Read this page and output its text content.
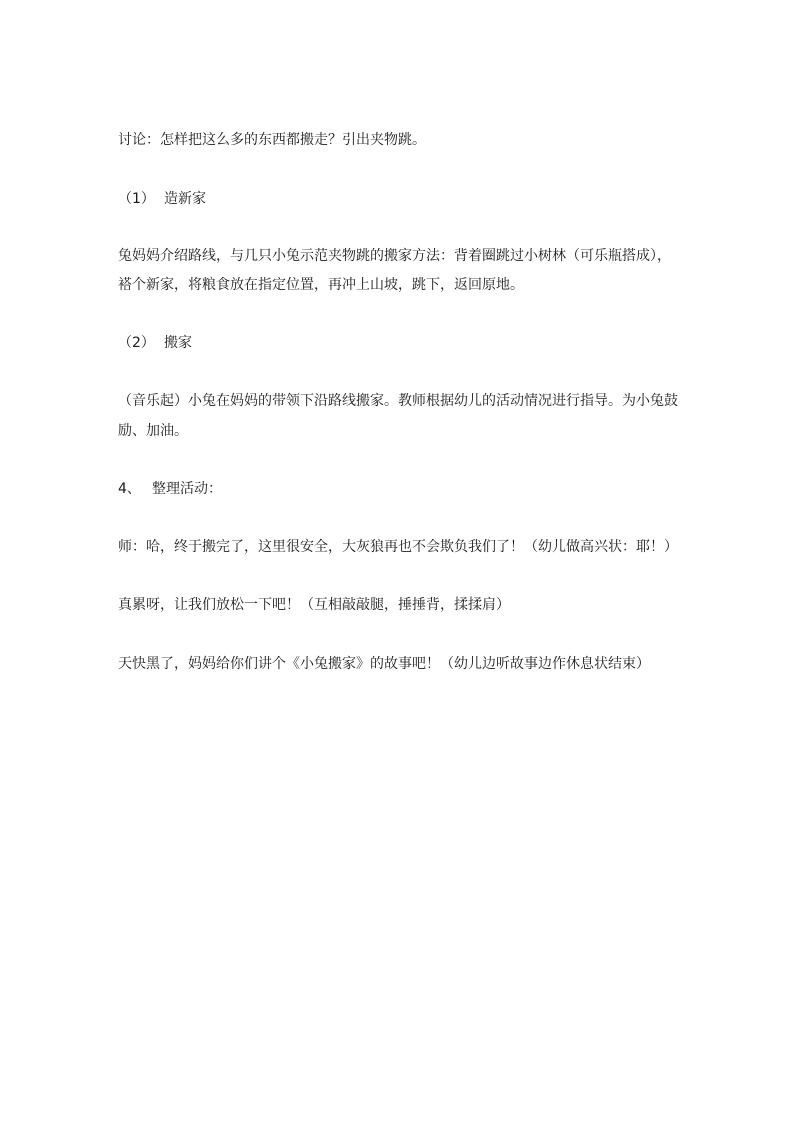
讨论：怎样把这么多的东西都搬走？引出夹物跳。
（1） 造新家
兔妈妈介绍路线，与几只小兔示范夹物跳的搬家方法：背着圈跳过小树林（可乐瓶搭成），
褡个新家，将粮食放在指定位置，再冲上山坡，跳下，返回原地。
（2） 搬家
（音乐起）小兔在妈妈的带领下沿路线搬家。教师根据幼儿的活动情况进行指导。为小兔鼓
励、加油。
4、 整理活动：
师：哈，终于搬完了，这里很安全，大灰狼再也不会欺负我们了！（幼儿做高兴状：耶！）
真累呀，让我们放松一下吧！（互相敲敲腿，捶捶背，揉揉肩）
天快黑了，妈妈给你们讲个《小兔搬家》的故事吧！（幼儿边听故事边作休息状结束）
